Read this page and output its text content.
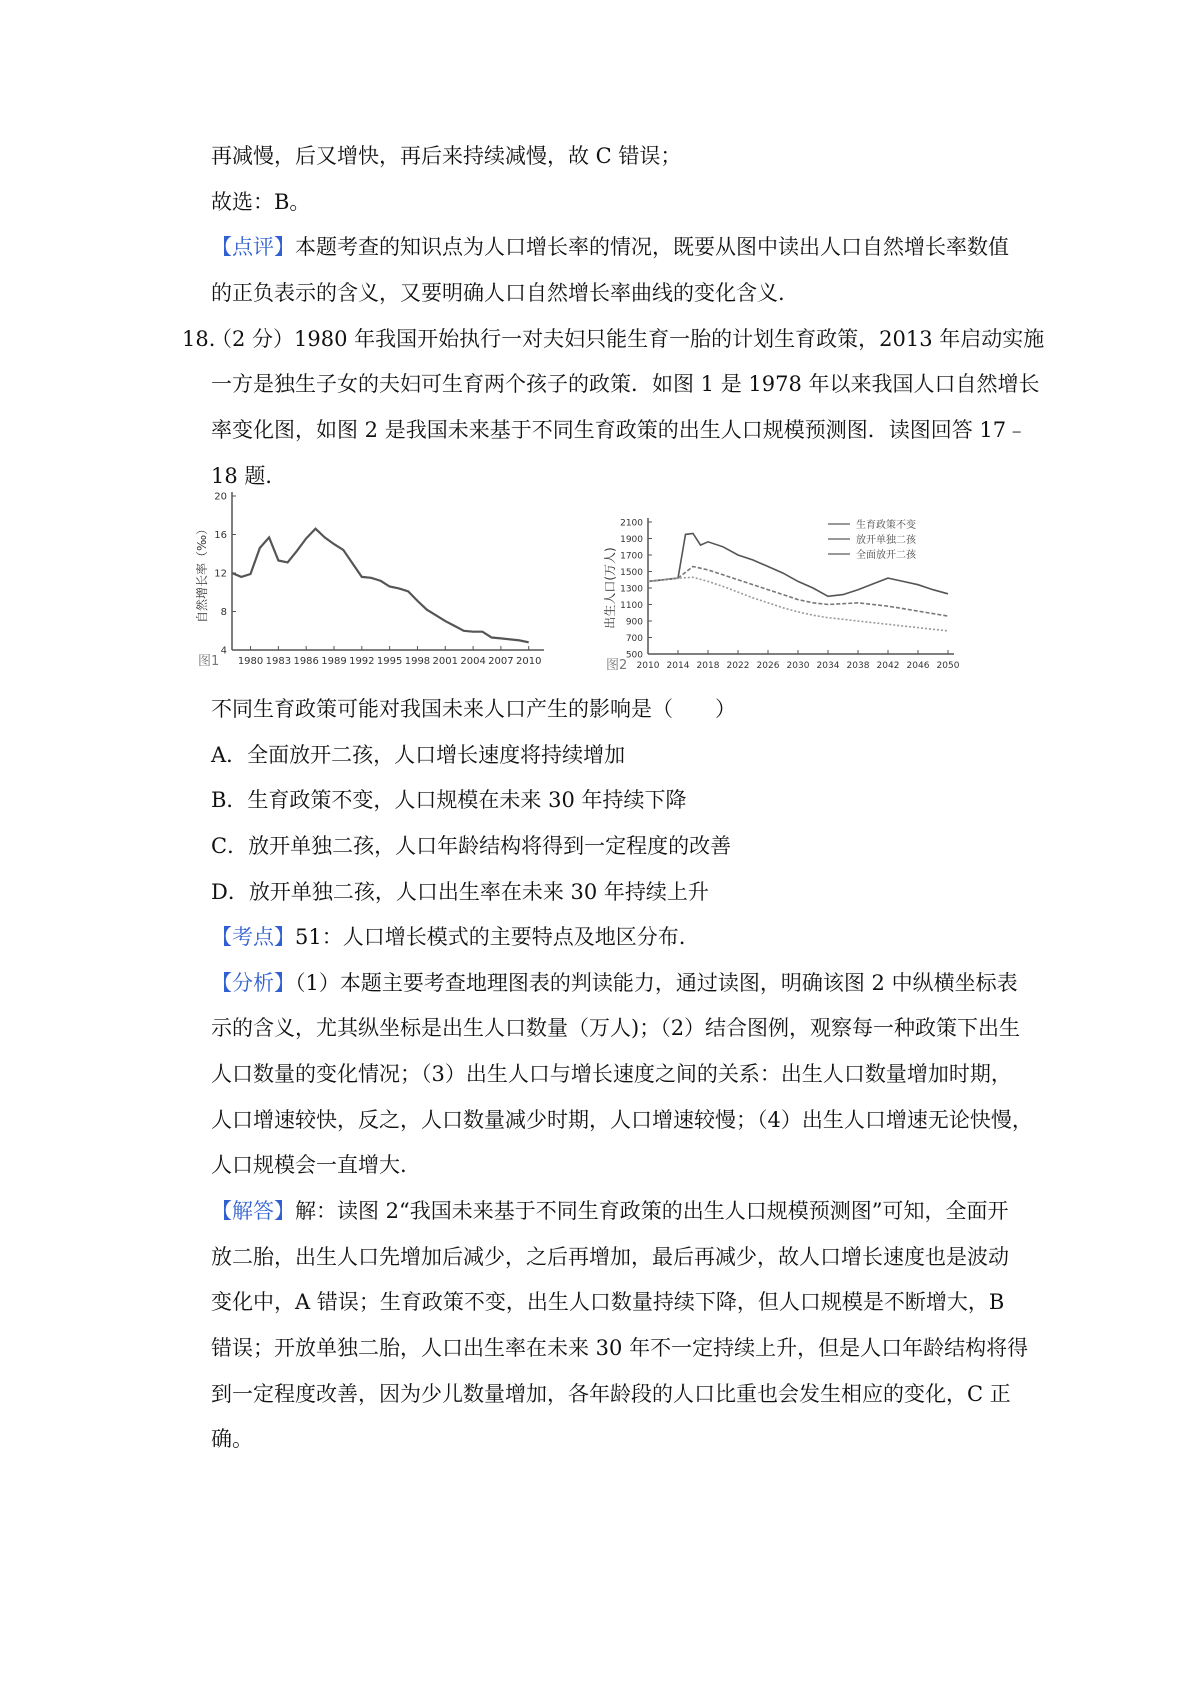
再减慢，后又增快，再后来持续减慢，故 C 错误；
故选：B。
【点评】本题考查的知识点为人口增长率的情况，既要从图中读出人口自然增长率数值
的正负表示的含义，又要明确人口自然增长率曲线的变化含义.
18.
（2 分）1980 年我国开始执行一对夫妇只能生育一胎的计划生育政策，2013 年启动实施
一方是独生子女的夫妇可生育两个孩子的政策．如图 1 是 1978 年以来我国人口自然增长
率变化图，如图 2 是我国未来基于不同生育政策的出生人口规模预测图．读图回答 17﹣
18 题．
4
8
12
16
20
1980 1983 1986 1989 1992 1995 1998 2001 2004 2007 2010
自然增长率（‰）
图1	500
700
900
1100
1300
1500
1700
1900
2100
2010 2014 2018 2022 2026 2030 2034 2038 2042 2046 2050
出生人口(万人)
图2
生育政策不变
放开单独二孩
全面放开二孩
不同生育政策可能对我国未来人口产生的影响是（　　）
A．全面放开二孩，人口增长速度将持续增加
B．生育政策不变，人口规模在未来 30 年持续下降
C．放开单独二孩，人口年龄结构将得到一定程度的改善
D．放开单独二孩，人口出生率在未来 30 年持续上升
【考点】51：人口增长模式的主要特点及地区分布.
【分析】（1）本题主要考查地理图表的判读能力，通过读图，明确该图 2 中纵横坐标表
示的含义，尤其纵坐标是出生人口数量（万人)；（2）结合图例，观察每一种政策下出生
人口数量的变化情况；（3）出生人口与增长速度之间的关系：出生人口数量增加时期，
人口增速较快，反之，人口数量减少时期，人口增速较慢；（4）出生人口增速无论快慢，
人口规模会一直增大.
【解答】解：读图 2“我国未来基于不同生育政策的出生人口规模预测图”可知，全面开
放二胎，出生人口先增加后减少，之后再增加，最后再减少，故人口增长速度也是波动
变化中，A 错误；生育政策不变，出生人口数量持续下降，但人口规模是不断增大，B
错误；开放单独二胎，人口出生率在未来 30 年不一定持续上升，但是人口年龄结构将得
到一定程度改善，因为少儿数量增加，各年龄段的人口比重也会发生相应的变化，C 正
确。
